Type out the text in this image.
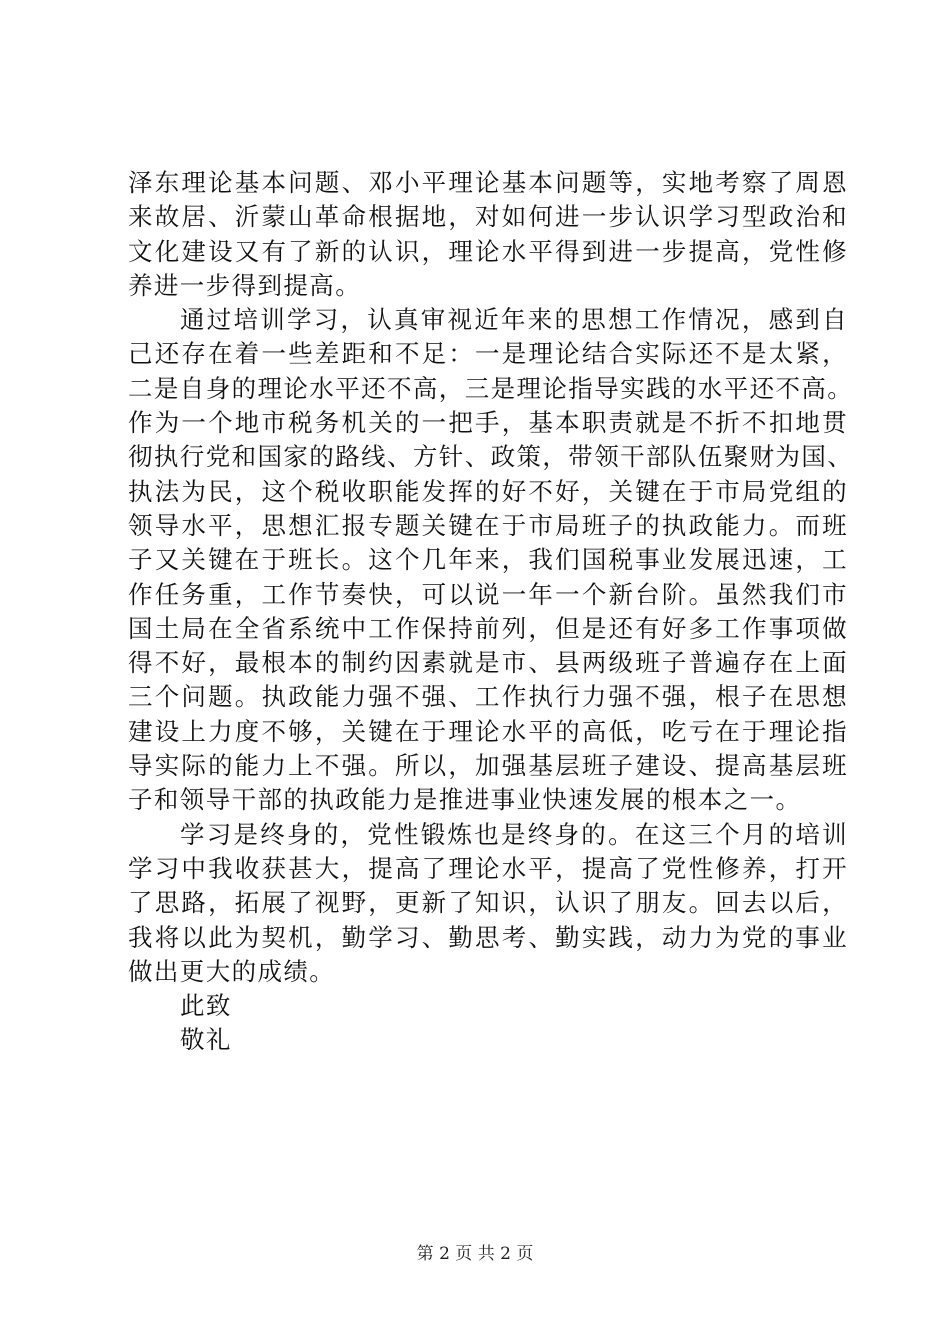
泽东理论基本问题、邓小平理论基本问题等，实地考察了周恩
来故居、沂蒙山革命根据地，对如何进一步认识学习型政治和
文化建设又有了新的认识，理论水平得到进一步提高，党性修
养进一步得到提高。
通过培训学习，认真审视近年来的思想工作情况，感到自
己还存在着一些差距和不足：一是理论结合实际还不是太紧，
二是自身的理论水平还不高，三是理论指导实践的水平还不高。
作为一个地市税务机关的一把手，基本职责就是不折不扣地贯
彻执行党和国家的路线、方针、政策，带领干部队伍聚财为国、
执法为民，这个税收职能发挥的好不好，关键在于市局党组的
领导水平，思想汇报专题关键在于市局班子的执政能力。而班
子又关键在于班长。这个几年来，我们国税事业发展迅速，工
作任务重，工作节奏快，可以说一年一个新台阶。虽然我们市
国土局在全省系统中工作保持前列，但是还有好多工作事项做
得不好，最根本的制约因素就是市、县两级班子普遍存在上面
三个问题。执政能力强不强、工作执行力强不强，根子在思想
建设上力度不够，关键在于理论水平的高低，吃亏在于理论指
导实际的能力上不强。所以，加强基层班子建设、提高基层班
子和领导干部的执政能力是推进事业快速发展的根本之一。
学习是终身的，党性锻炼也是终身的。在这三个月的培训
学习中我收获甚大，提高了理论水平，提高了党性修养，打开
了思路，拓展了视野，更新了知识，认识了朋友。回去以后，
我将以此为契机，勤学习、勤思考、勤实践，动力为党的事业
做出更大的成绩。
此致
敬礼
第 2 页 共 2 页
